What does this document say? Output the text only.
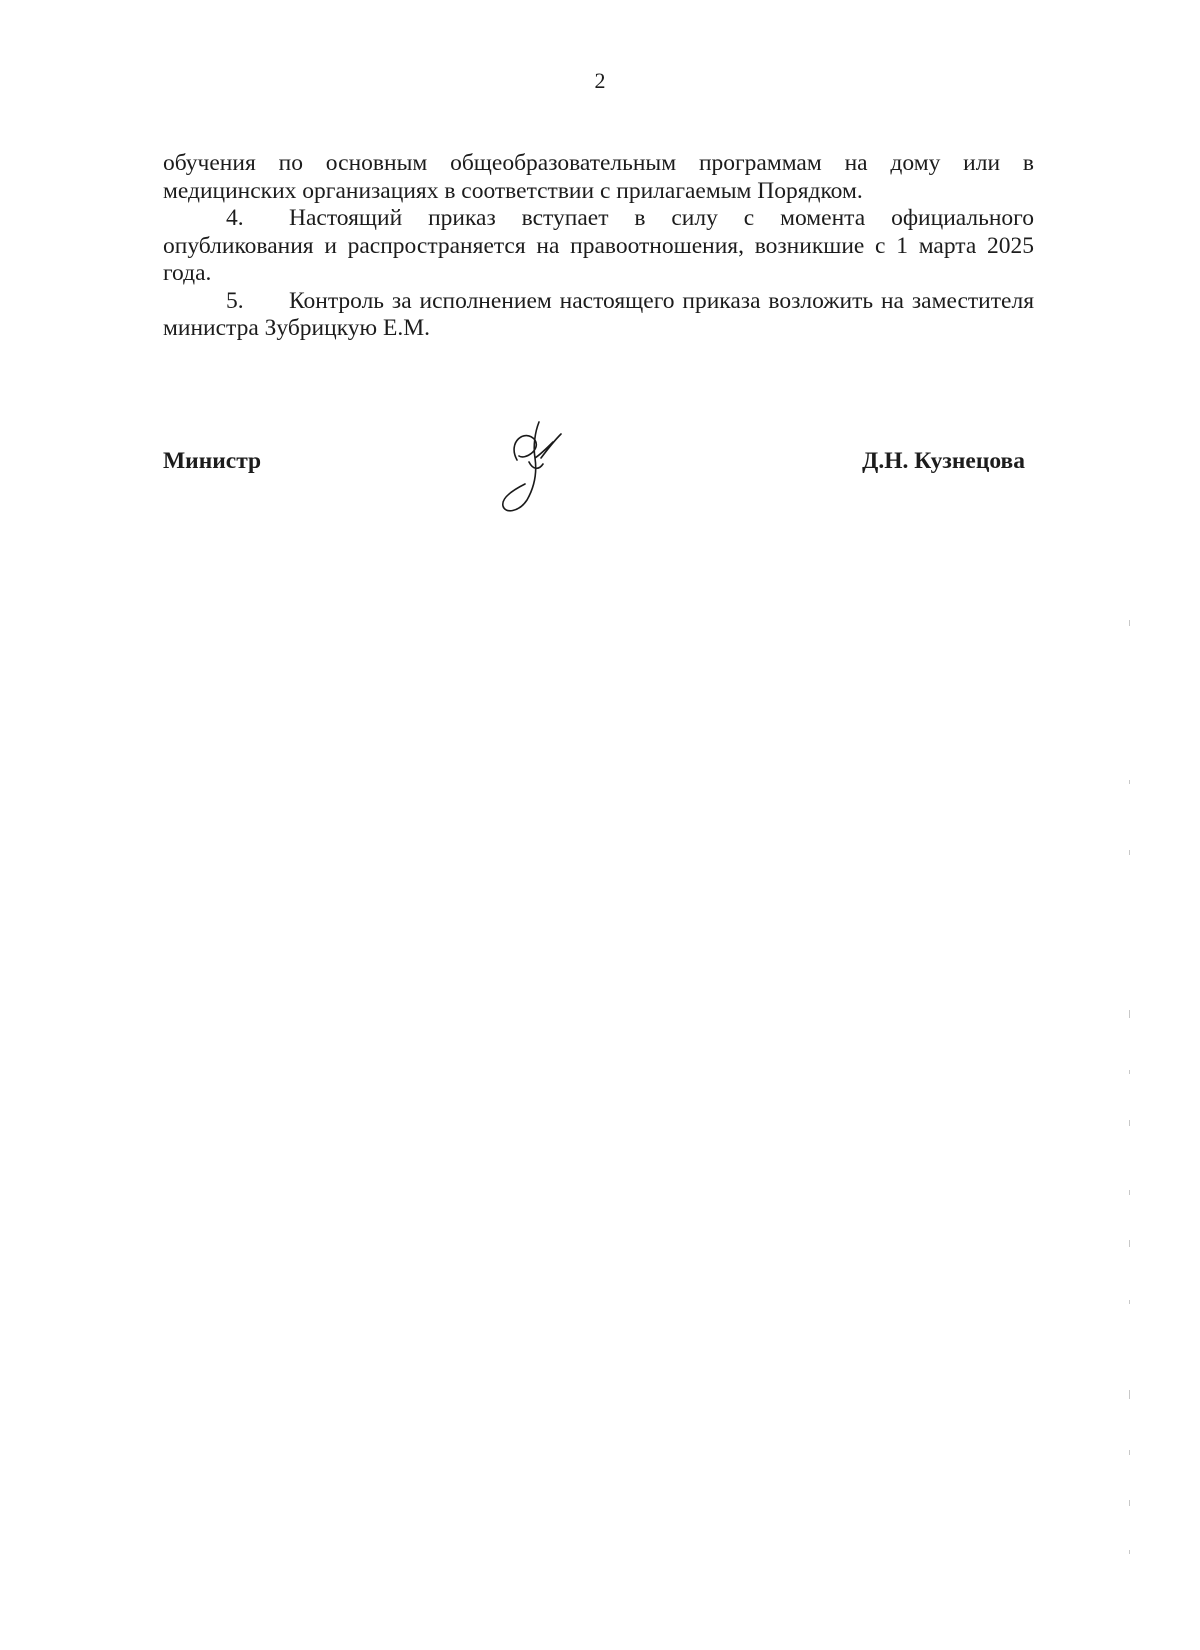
2

обучения по основным общеобразовательным программам на дому или в медицинских организациях в соответствии с прилагаемым Порядком.

4. Настоящий приказ вступает в силу с момента официального опубликования и распространяется на правоотношения, возникшие с 1 марта 2025 года.

5. Контроль за исполнением настоящего приказа возложить на заместителя министра Зубрицкую Е.М.

Министр	Д.Н. Кузнецова
